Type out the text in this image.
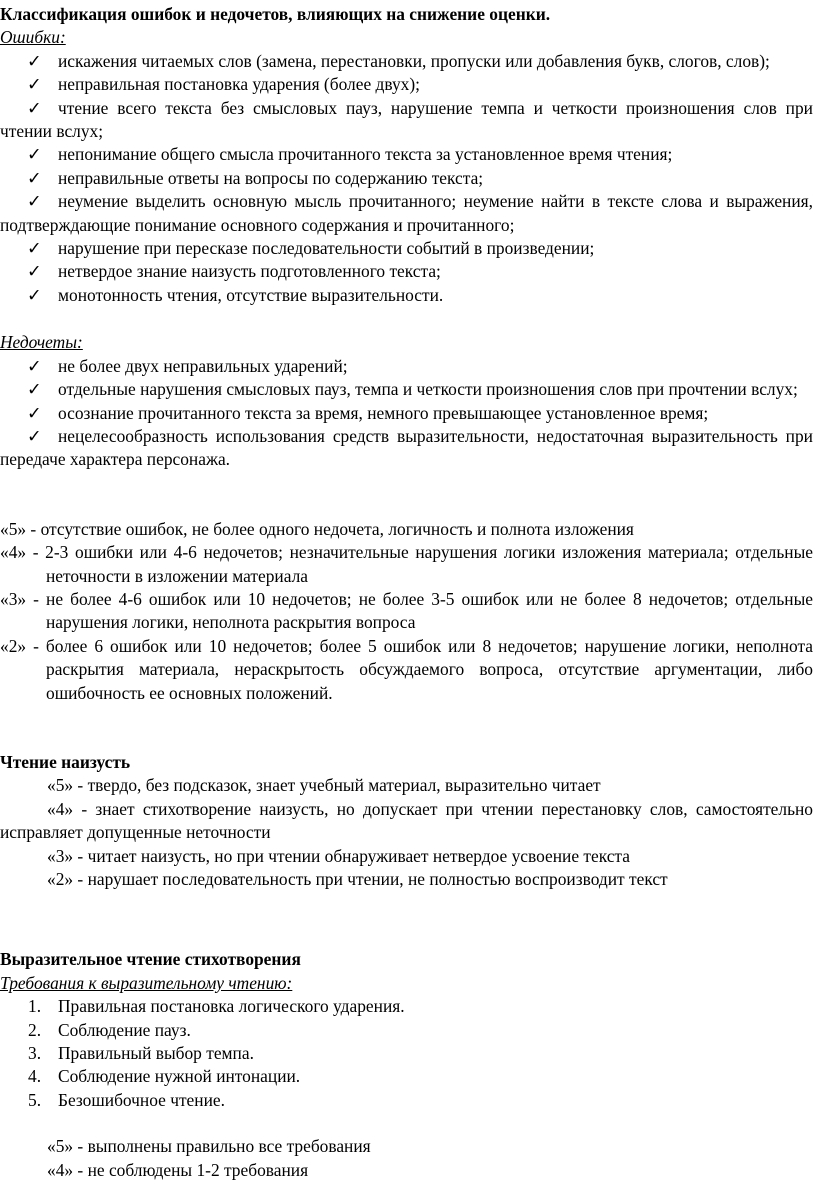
Классификация ошибок и недочетов, влияющих на снижение оценки.

Ошибки:

✓ искажения читаемых слов (замена, перестановки, пропуски или добавления букв, слогов, слов);

✓ неправильная постановка ударения (более двух);

✓ чтение всего текста без смысловых пауз, нарушение темпа и четкости произношения слов при чтении вслух;

✓ непонимание общего смысла прочитанного текста за установленное время чтения;

✓ неправильные ответы на вопросы по содержанию текста;

✓ неумение выделить основную мысль прочитанного; неумение найти в тексте слова и выражения, подтверждающие понимание основного содержания и прочитанного;

✓ нарушение при пересказе последовательности событий в произведении;

✓ нетвердое знание наизусть подготовленного текста;

✓ монотонность чтения, отсутствие выразительности.

Недочеты:

✓ не более двух неправильных ударений;

✓ отдельные нарушения смысловых пауз, темпа и четкости произношения слов при прочтении вслух;

✓ осознание прочитанного текста за время, немного превышающее установленное время;

✓ нецелесообразность использования средств выразительности, недостаточная выразительность при передаче характера персонажа.

«5» - отсутствие ошибок, не более одного недочета, логичность и полнота изложения

«4» - 2-3 ошибки или 4-6 недочетов; незначительные нарушения логики изложения материала; отдельные неточности в изложении материала

«3» - не более 4-6 ошибок или 10 недочетов; не более 3-5 ошибок или не более 8 недочетов; отдельные нарушения логики, неполнота раскрытия вопроса

«2» - более 6 ошибок или 10 недочетов; более 5 ошибок или 8 недочетов; нарушение логики, неполнота раскрытия материала, нераскрытость обсуждаемого вопроса, отсутствие аргументации, либо ошибочность ее основных положений.

Чтение наизусть

«5» - твердо, без подсказок, знает учебный материал, выразительно читает

«4» - знает стихотворение наизусть, но допускает при чтении перестановку слов, самостоятельно исправляет допущенные неточности

«3» - читает наизусть, но при чтении обнаруживает нетвердое усвоение текста

«2» - нарушает последовательность при чтении, не полностью воспроизводит текст

Выразительное чтение стихотворения

Требования к выразительному чтению:

1. Правильная постановка логического ударения.

2. Соблюдение пауз.

3. Правильный выбор темпа.

4. Соблюдение нужной интонации.

5. Безошибочное чтение.

«5» - выполнены правильно все требования

«4» - не соблюдены 1-2 требования
